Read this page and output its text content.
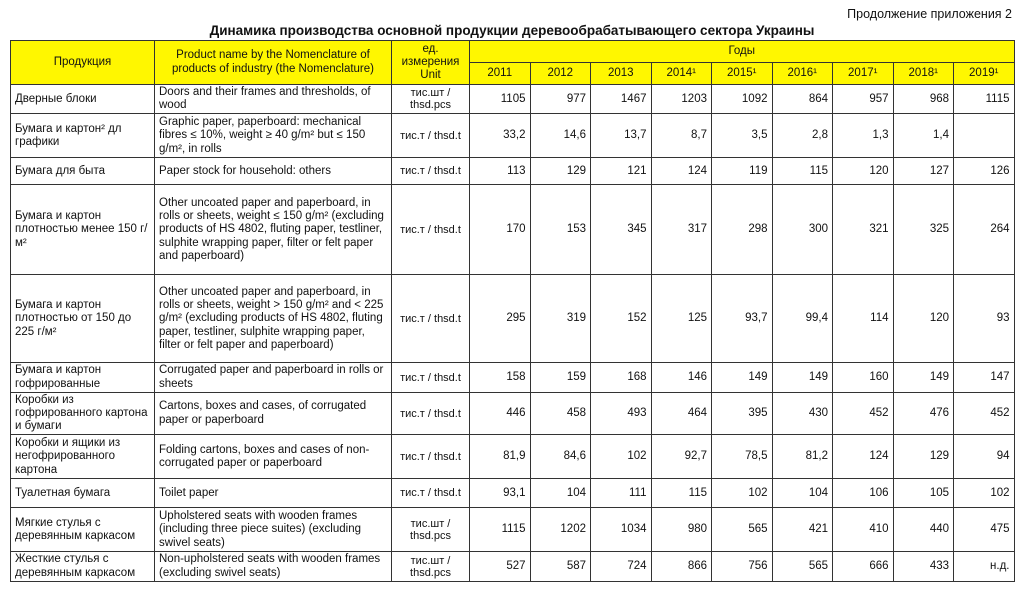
Продолжение приложения 2
Динамика производства основной продукции деревообрабатывающего сектора Украины
Продукция	Product name by the Nomenclature of products of industry (the Nomenclature)	ед. измерения Unit	Годы								
			2011	2012	2013	2014¹	2015¹	2016¹	2017¹	2018¹	2019¹
Дверные блоки	Doors and their frames and thresholds, of wood	тис.шт / thsd.pcs	1105	977	1467	1203	1092	864	957	968	1115
Бумага и картон² дл графики	Graphic paper, paperboard: mechanical fibres ≤ 10%, weight ≥ 40 g/m² but ≤ 150 g/m², in rolls	тис.т / thsd.t	33,2	14,6	13,7	8,7	3,5	2,8	1,3	1,4	
Бумага для быта	Paper stock for household: others	тис.т / thsd.t	113	129	121	124	119	115	120	127	126
Бумага и картон плотностью менее 150 г/м²	Other uncoated paper and paperboard, in rolls or sheets, weight ≤ 150 g/m² (excluding products of HS 4802, fluting paper, testliner, sulphite wrapping paper, filter or felt paper and paperboard)	тис.т / thsd.t	170	153	345	317	298	300	321	325	264
Бумага и картон плотностью от 150 до 225 г/м²	Other uncoated paper and paperboard, in rolls or sheets, weight > 150 g/m² and < 225 g/m² (excluding products of HS 4802, fluting paper, testliner, sulphite wrapping paper, filter or felt paper and paperboard)	тис.т / thsd.t	295	319	152	125	93,7	99,4	114	120	93
Бумага и картон гофрированные	Corrugated paper and paperboard in rolls or sheets	тис.т / thsd.t	158	159	168	146	149	149	160	149	147
Коробки из гофрированного картона и бумаги	Cartons, boxes and cases, of corrugated paper or paperboard	тис.т / thsd.t	446	458	493	464	395	430	452	476	452
Коробки и ящики из негофрированного картона	Folding cartons, boxes and cases of non-corrugated paper or paperboard	тис.т / thsd.t	81,9	84,6	102	92,7	78,5	81,2	124	129	94
Туалетная бумага	Toilet paper	тис.т / thsd.t	93,1	104	111	115	102	104	106	105	102
Мягкие стулья с деревянным каркасом	Upholstered seats with wooden frames (including three piece suites) (excluding swivel seats)	тис.шт / thsd.pcs	1115	1202	1034	980	565	421	410	440	475
Жесткие стулья с деревянным каркасом	Non-upholstered seats with wooden frames (excluding swivel seats)	тис.шт / thsd.pcs	527	587	724	866	756	565	666	433	н.д.
